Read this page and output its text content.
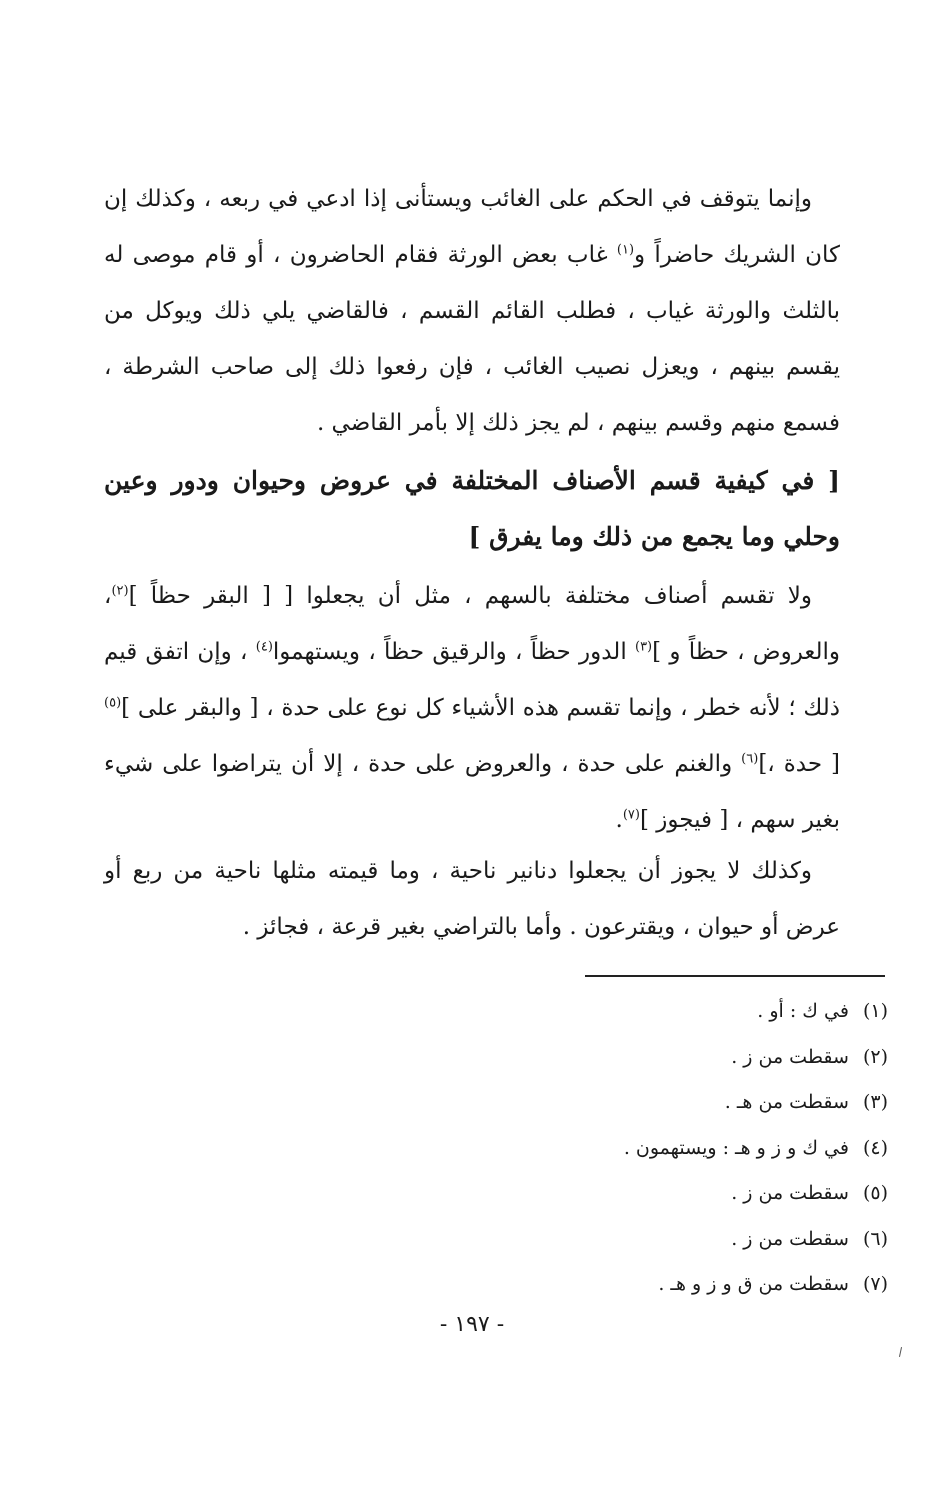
وإنما يتوقف في الحكم على الغائب ويستأنى إذا ادعي في ربعه ، وكذلك إن كان الشريك حاضراً و$^{(١)}$ غاب بعض الورثة فقام الحاضرون ، أو قام موصى له بالثلث والورثة غياب ، فطلب القائم القسم ، فالقاضي يلي ذلك ويوكل من يقسم بينهم ، ويعزل نصيب الغائب ، فإن رفعوا ذلك إلى صاحب الشرطة ، فسمع منهم وقسم بينهم ، لم يجز ذلك إلا بأمر القاضي .

[ في كيفية قسم الأصناف المختلفة في عروض وحيوان ودور وعين وحلي وما يجمع من ذلك وما يفرق ]

ولا تقسم أصناف مختلفة بالسهم ، مثل أن يجعلوا [ [ البقر حظاً ]$^{(٢)}$، والعروض ، حظاً و ]$^{(٣)}$ الدور حظاً ، والرقيق حظاً ، ويستهموا$^{(٤)}$ ، وإن اتفق قيم ذلك ؛ لأنه خطر ، وإنما تقسم هذه الأشياء كل نوع على حدة ، [ والبقر على ]$^{(٥)}$ [ حدة ،]$^{(٦)}$ والغنم على حدة ، والعروض على حدة ، إلا أن يتراضوا على شيء بغير سهم ، [ فيجوز ]$^{(٧)}$.

وكذلك لا يجوز أن يجعلوا دنانير ناحية ، وما قيمته مثلها ناحية من ربع أو عرض أو حيوان ، ويقترعون . وأما بالتراضي بغير قرعة ، فجائز .

(١)في ك : أو .
(٢)سقطت من ز .
(٣)سقطت من هـ .
(٤)في ك و ز و هـ : ويستهمون .
(٥)سقطت من ز .
(٦)سقطت من ز .
(٧)سقطت من ق و ز و هـ .
- ١٩٧ -
